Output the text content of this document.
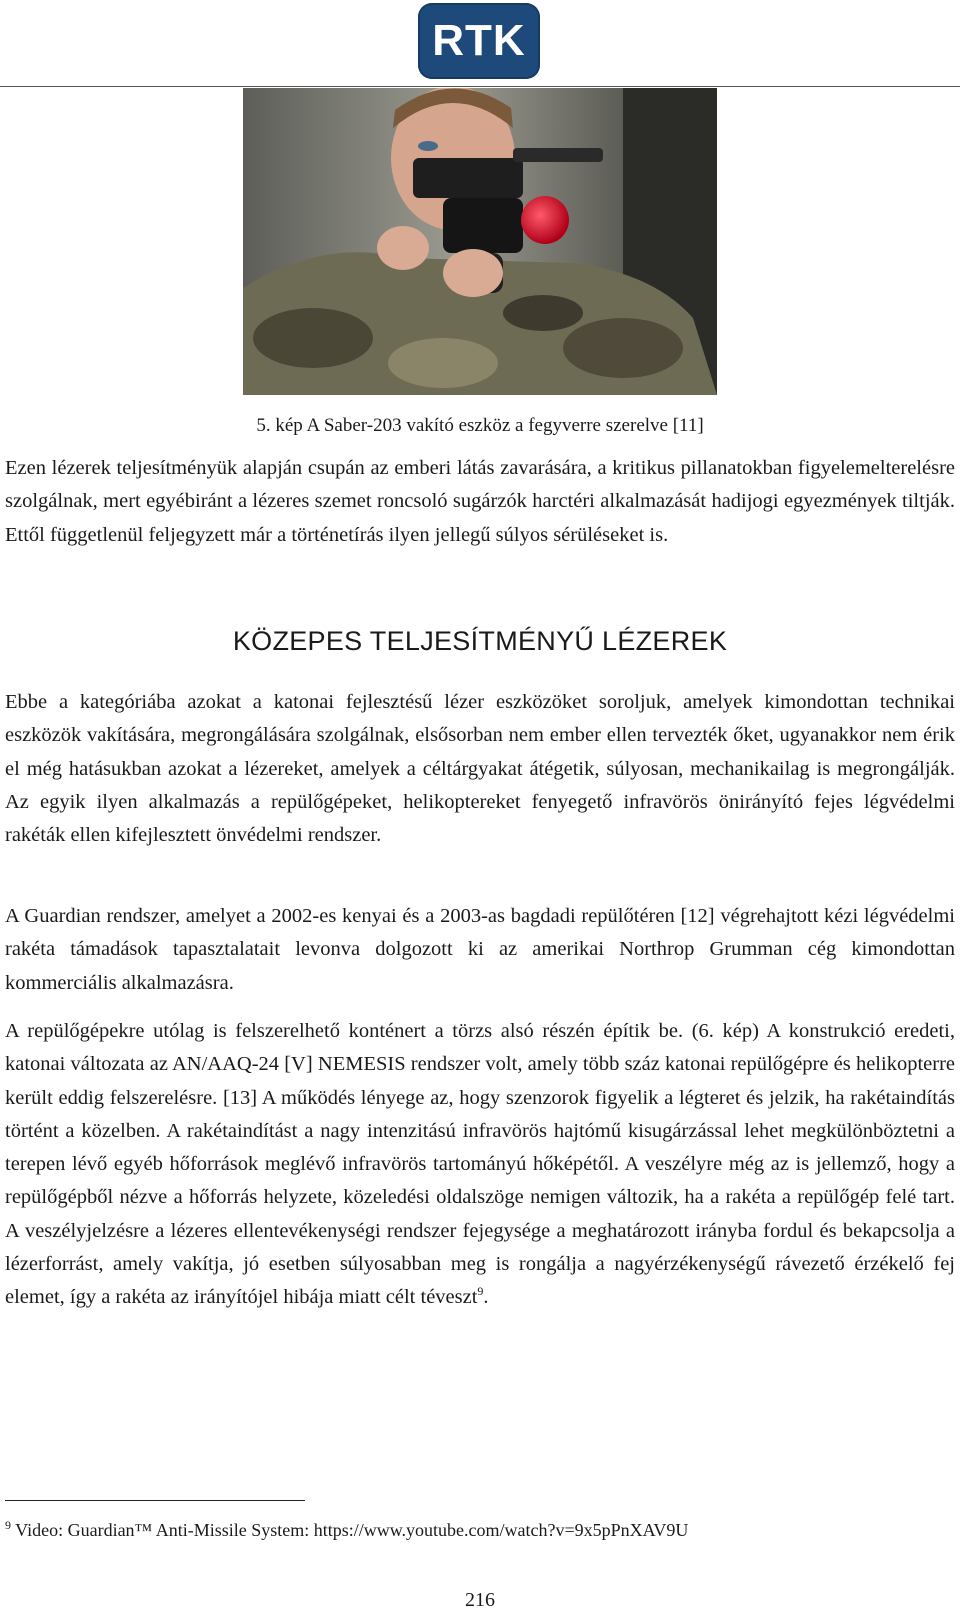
RTK
5. kép A Saber-203 vakító eszköz a fegyverre szerelve [11]

Ezen lézerek teljesítményük alapján csupán az emberi látás zavarására, a kritikus pillanatokban figyelemelterelésre szolgálnak, mert egyébiránt a lézeres szemet roncsoló sugárzók harctéri alkalmazását hadijogi egyezmények tiltják. Ettől függetlenül feljegyzett már a történetírás ilyen jellegű súlyos sérüléseket is.

KÖZEPES TELJESÍTMÉNYŰ LÉZEREK

Ebbe a kategóriába azokat a katonai fejlesztésű lézer eszközöket soroljuk, amelyek kimondottan technikai eszközök vakítására, megrongálására szolgálnak, elsősorban nem ember ellen tervezték őket, ugyanakkor nem érik el még hatásukban azokat a lézereket, amelyek a céltárgyakat átégetik, súlyosan, mechanikailag is megrongálják. Az egyik ilyen alkalmazás a repülőgépeket, helikoptereket fenyegető infravörös önirányító fejes légvédelmi rakéták ellen kifejlesztett önvédelmi rendszer.

A Guardian rendszer, amelyet a 2002-es kenyai és a 2003-as bagdadi repülőtéren [12] végrehajtott kézi légvédelmi rakéta támadások tapasztalatait levonva dolgozott ki az amerikai Northrop Grumman cég kimondottan kommerciális alkalmazásra.

A repülőgépekre utólag is felszerelhető konténert a törzs alsó részén építik be. (6. kép) A konstrukció eredeti, katonai változata az AN/AAQ-24 [V] NEMESIS rendszer volt, amely több száz katonai repülőgépre és helikopterre került eddig felszerelésre. [13] A működés lényege az, hogy szenzorok figyelik a légteret és jelzik, ha rakétaindítás történt a közelben. A rakétaindítást a nagy intenzitású infravörös hajtómű kisugárzással lehet megkülönböztetni a terepen lévő egyéb hőforrások meglévő infravörös tartományú hőképétől. A veszélyre még az is jellemző, hogy a repülőgépből nézve a hőforrás helyzete, közeledési oldalszöge nemigen változik, ha a rakéta a repülőgép felé tart. A veszélyjelzésre a lézeres ellentevékenységi rendszer fejegysége a meghatározott irányba fordul és bekapcsolja a lézerforrást, amely vakítja, jó esetben súlyosabban meg is rongálja a nagyérzékenységű rávezető érzékelő fej elemet, így a rakéta az irányítójel hibája miatt célt téveszt$^9$.

$^9$ Video: Guardian™ Anti-Missile System: https://www.youtube.com/watch?v=9x5pPnXAV9U
216
